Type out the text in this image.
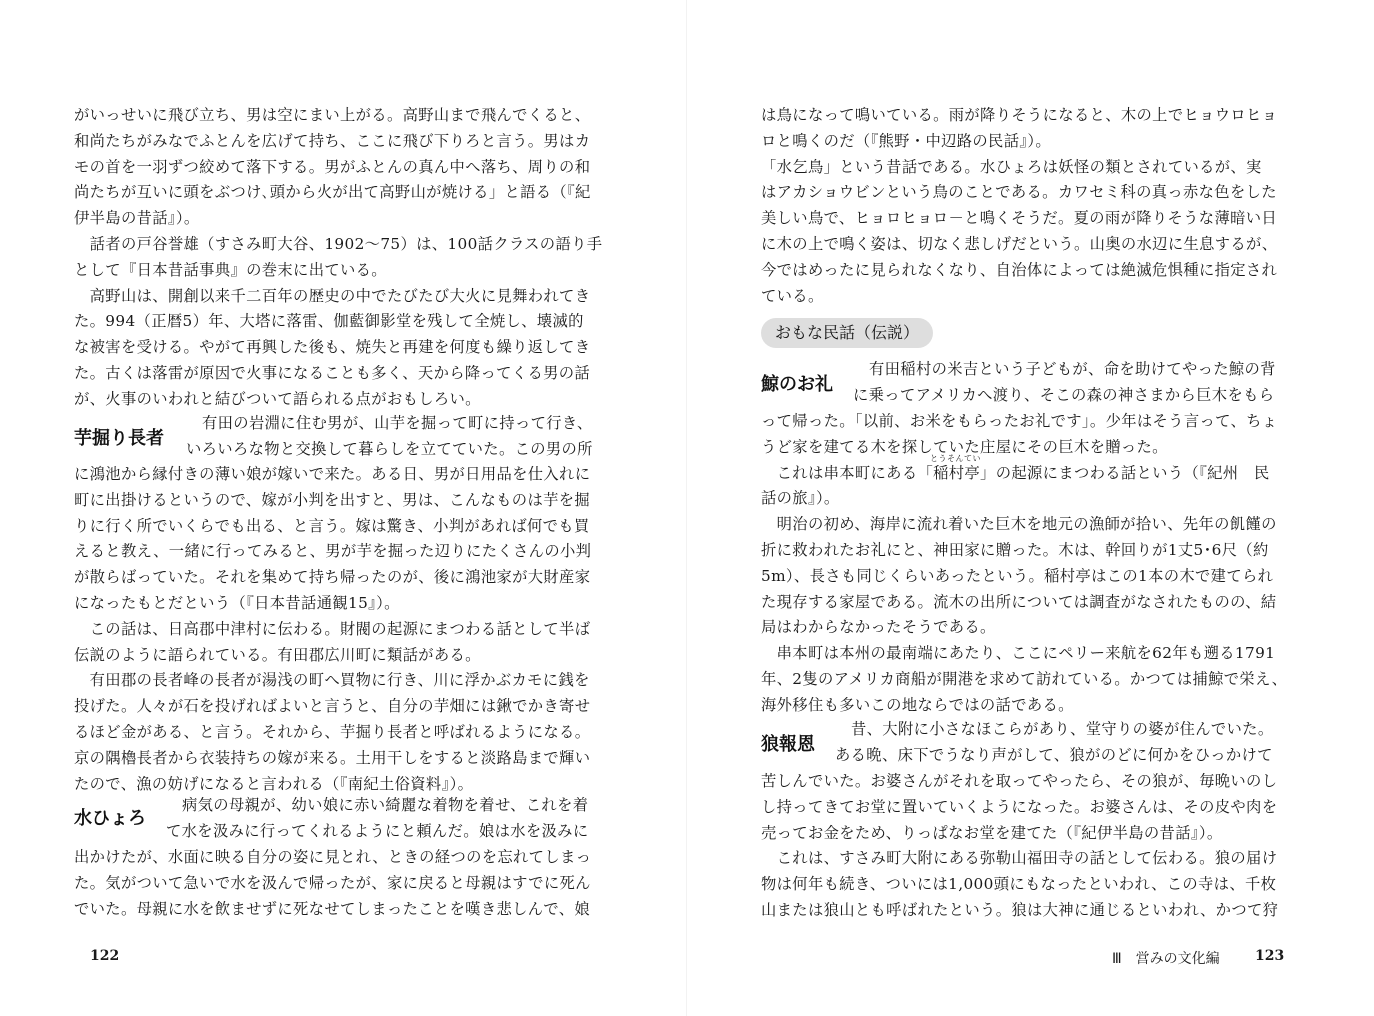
がいっせいに飛び立ち、男は空にまい上がる。高野山まで飛んでくると、
和尚たちがみなでふとんを広げて持ち、ここに飛び下りろと言う。男はカ
モの首を一羽ずつ絞めて落下する。男がふとんの真ん中へ落ち、周りの和
尚たちが互いに頭をぶつけ､頭から火が出て高野山が焼ける」と語る（『紀
伊半島の昔話』）。
　話者の戸谷誉雄（すさみ町大谷、1902～75）は、100話クラスの語り手
として『日本昔話事典』の巻末に出ている。
　高野山は、開創以来千二百年の歴史の中でたびたび大火に見舞われてき
た。994（正暦5）年、大塔に落雷、伽藍御影堂を残して全焼し、壊滅的
な被害を受ける。やがて再興した後も、焼失と再建を何度も繰り返してき
た。古くは落雷が原因で火事になることも多く、天から降ってくる男の話
が、火事のいわれと結びついて語られる点がおもしろい。
芋掘り長者
有田の岩淵に住む男が、山芋を掘って町に持って行き、
いろいろな物と交換して暮らしを立てていた。この男の所
に鴻池から縁付きの薄い娘が嫁いで来た。ある日、男が日用品を仕入れに
町に出掛けるというので、嫁が小判を出すと、男は、こんなものは芋を掘
りに行く所でいくらでも出る、と言う。嫁は驚き、小判があれば何でも買
えると教え、一緒に行ってみると、男が芋を掘った辺りにたくさんの小判
が散らばっていた。それを集めて持ち帰ったのが、後に鴻池家が大財産家
になったもとだという（『日本昔話通観15』）。
　この話は、日高郡中津村に伝わる。財閥の起源にまつわる話として半ば
伝説のように語られている。有田郡広川町に類話がある。
　有田郡の長者峰の長者が湯浅の町へ買物に行き、川に浮かぶカモに銭を
投げた。人々が石を投げればよいと言うと、自分の芋畑には鍬でかき寄せ
るほど金がある、と言う。それから、芋掘り長者と呼ばれるようになる。
京の隅櫓長者から衣装持ちの嫁が来る。土用干しをすると淡路島まで輝い
たので、漁の妨げになると言われる（『南紀土俗資料』）。
水ひょろ
病気の母親が、幼い娘に赤い綺麗な着物を着せ、これを着
て水を汲みに行ってくれるようにと頼んだ。娘は水を汲みに
出かけたが、水面に映る自分の姿に見とれ、ときの経つのを忘れてしまっ
た。気がついて急いで水を汲んで帰ったが、家に戻ると母親はすでに死ん
でいた。母親に水を飲ませずに死なせてしまったことを嘆き悲しんで、娘
122
は鳥になって鳴いている。雨が降りそうになると、木の上でヒョウロヒョ
ロと鳴くのだ（『熊野・中辺路の民話』）。
「水乞鳥」という昔話である。水ひょろは妖怪の類とされているが、実
はアカショウビンという鳥のことである。カワセミ科の真っ赤な色をした
美しい鳥で、ヒョロヒョロ－と鳴くそうだ。夏の雨が降りそうな薄暗い日
に木の上で鳴く姿は、切なく悲しげだという。山奥の水辺に生息するが、
今ではめったに見られなくなり、自治体によっては絶滅危惧種に指定され
ている。
おもな民話（伝説）
鯨のお礼
有田稲村の米吉という子どもが、命を助けてやった鯨の背
に乗ってアメリカへ渡り、そこの森の神さまから巨木をもら
とうそんてい
って帰った。「以前、お米をもらったお礼です」。少年はそう言って、ちょ
うど家を建てる木を探していた庄屋にその巨木を贈った。
　これは串本町にある「稲村亭」の起源にまつわる話という（『紀州　民
話の旅』）。
　明治の初め、海岸に流れ着いた巨木を地元の漁師が拾い、先年の飢饉の
折に救われたお礼にと、神田家に贈った。木は、幹回りが1丈5･6尺（約
5m）、長さも同じくらいあったという。稲村亭はこの1本の木で建てられ
た現存する家屋である。流木の出所については調査がなされたものの、結
局はわからなかったそうである。
　串本町は本州の最南端にあたり、ここにペリー来航を62年も遡る1791
年、2隻のアメリカ商船が開港を求めて訪れている。かつては捕鯨で栄え、
海外移住も多いこの地ならではの話である。
狼報恩
昔、大附に小さなほこらがあり、堂守りの婆が住んでいた。
ある晩、床下でうなり声がして、狼がのどに何かをひっかけて
苦しんでいた。お婆さんがそれを取ってやったら、その狼が、毎晩いのし
し持ってきてお堂に置いていくようになった。お婆さんは、その皮や肉を
売ってお金をため、りっぱなお堂を建てた（『紀伊半島の昔話』）。
　これは、すさみ町大附にある弥勒山福田寺の話として伝わる。狼の届け
物は何年も続き、ついには1,000頭にもなったといわれ、この寺は、千枚
山または狼山とも呼ばれたという。狼は大神に通じるといわれ、かつて狩
Ⅲ　営みの文化編	123
